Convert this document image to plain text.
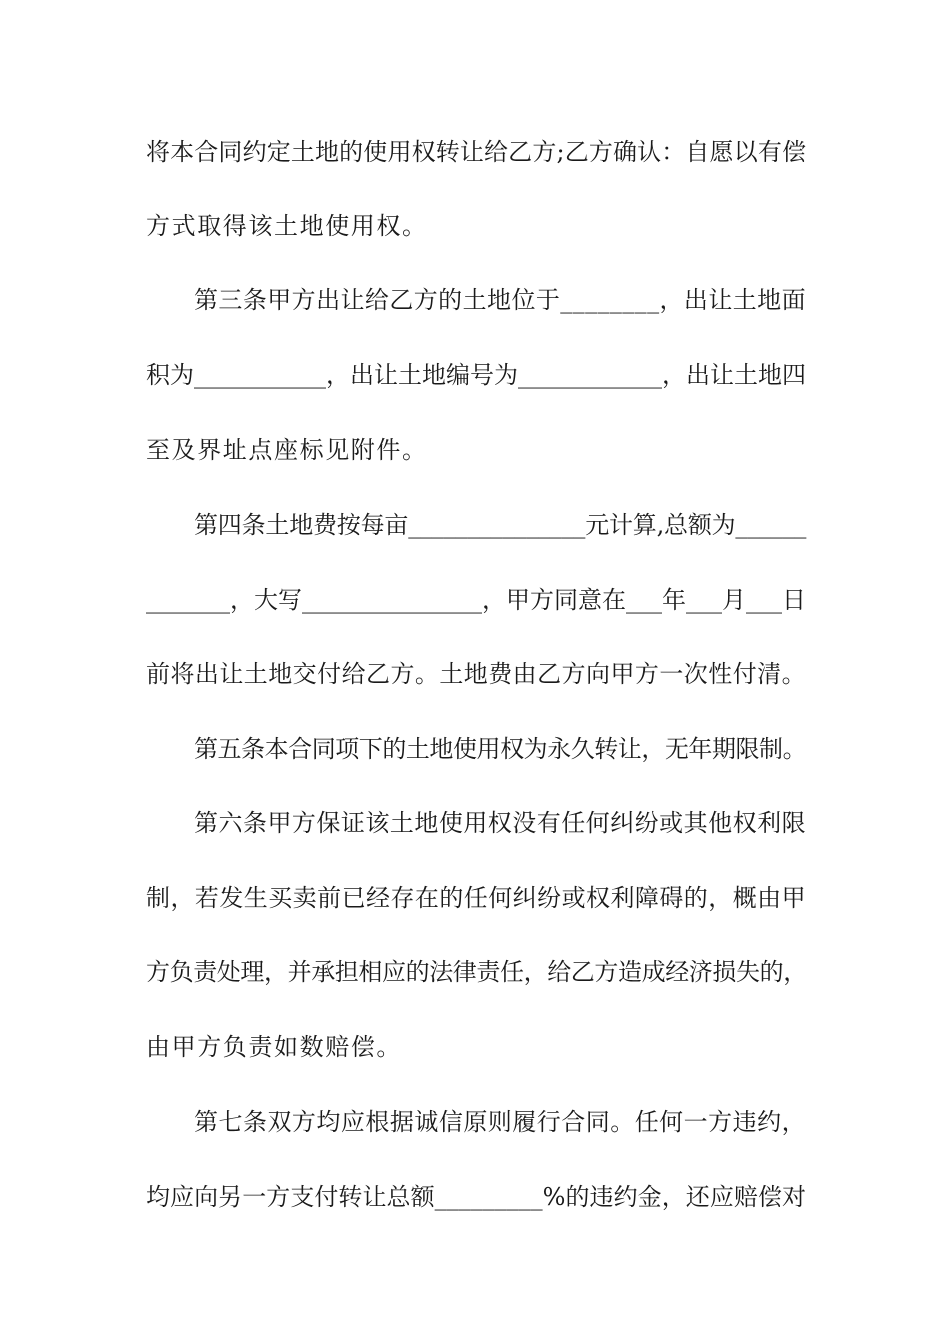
将本合同约定土地的使用权转让给乙方;乙方确认：自愿以有偿
方式取得该土地使用权。
第三条甲方出让给乙方的土地位于________，出让土地面
积为___________，出让土地编号为____________，出让土地四
至及界址点座标见附件。
第四条土地费按每亩_______________元计算,总额为______
_______，大写_______________，甲方同意在___年___月___日
前将出让土地交付给乙方。土地费由乙方向甲方一次性付清。
第五条本合同项下的土地使用权为永久转让，无年期限制。
第六条甲方保证该土地使用权没有任何纠纷或其他权利限
制，若发生买卖前已经存在的任何纠纷或权利障碍的，概由甲
方负责处理，并承担相应的法律责任，给乙方造成经济损失的，
由甲方负责如数赔偿。
第七条双方均应根据诚信原则履行合同。任何一方违约，
均应向另一方支付转让总额_________%的违约金，还应赔偿对
